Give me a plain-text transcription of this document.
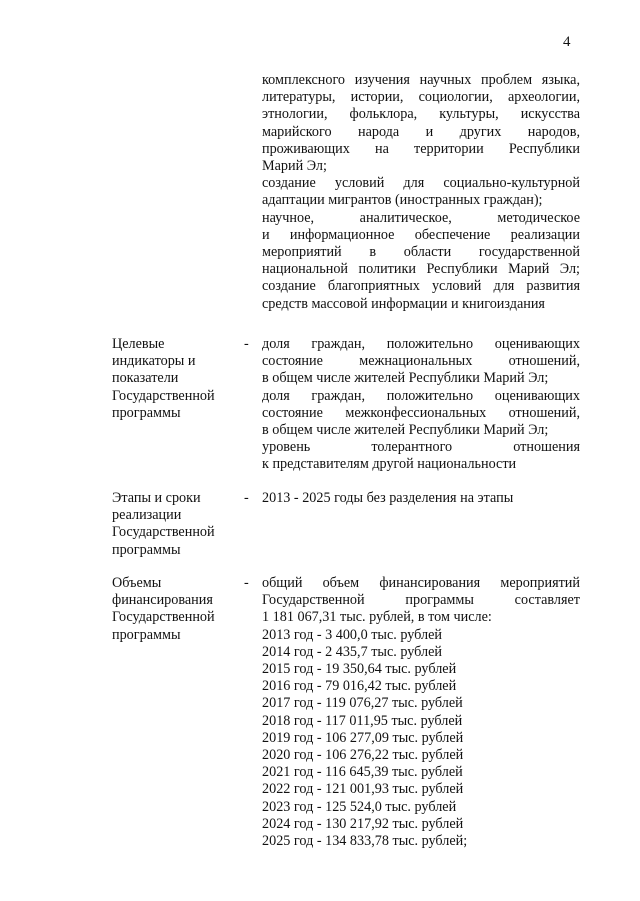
4
комплексного изучения научных проблем языка,
литературы, истории, социологии, археологии,
этнологии, фольклора, культуры, искусства
марийского народа и других народов,
проживающих на территории Республики
Марий Эл;
создание условий для социально-культурной
адаптации мигрантов (иностранных граждан);
научное, аналитическое, методическое
и информационное обеспечение реализации
мероприятий в области государственной
национальной политики Республики Марий Эл;
создание благоприятных условий для развития
средств массовой информации и книгоиздания
Целевые
индикаторы и
показатели
Государственной
программы
- доля граждан, положительно оценивающих
состояние межнациональных отношений,
в общем числе жителей Республики Марий Эл;
доля граждан, положительно оценивающих
состояние межконфессиональных отношений,
в общем числе жителей Республики Марий Эл;
уровень толерантного отношения
к представителям другой национальности
Этапы и сроки
реализации
Государственной
программы
- 2013 - 2025 годы без разделения на этапы
Объемы
финансирования
Государственной
программы
- общий объем финансирования мероприятий
Государственной программы составляет
1 181 067,31 тыс. рублей, в том числе:
2013 год - 3 400,0 тыс. рублей
2014 год - 2 435,7 тыс. рублей
2015 год - 19 350,64 тыс. рублей
2016 год - 79 016,42 тыс. рублей
2017 год - 119 076,27 тыс. рублей
2018 год - 117 011,95 тыс. рублей
2019 год - 106 277,09 тыс. рублей
2020 год - 106 276,22 тыс. рублей
2021 год - 116 645,39 тыс. рублей
2022 год - 121 001,93 тыс. рублей
2023 год - 125 524,0 тыс. рублей
2024 год - 130 217,92 тыс. рублей
2025 год - 134 833,78 тыс. рублей;
